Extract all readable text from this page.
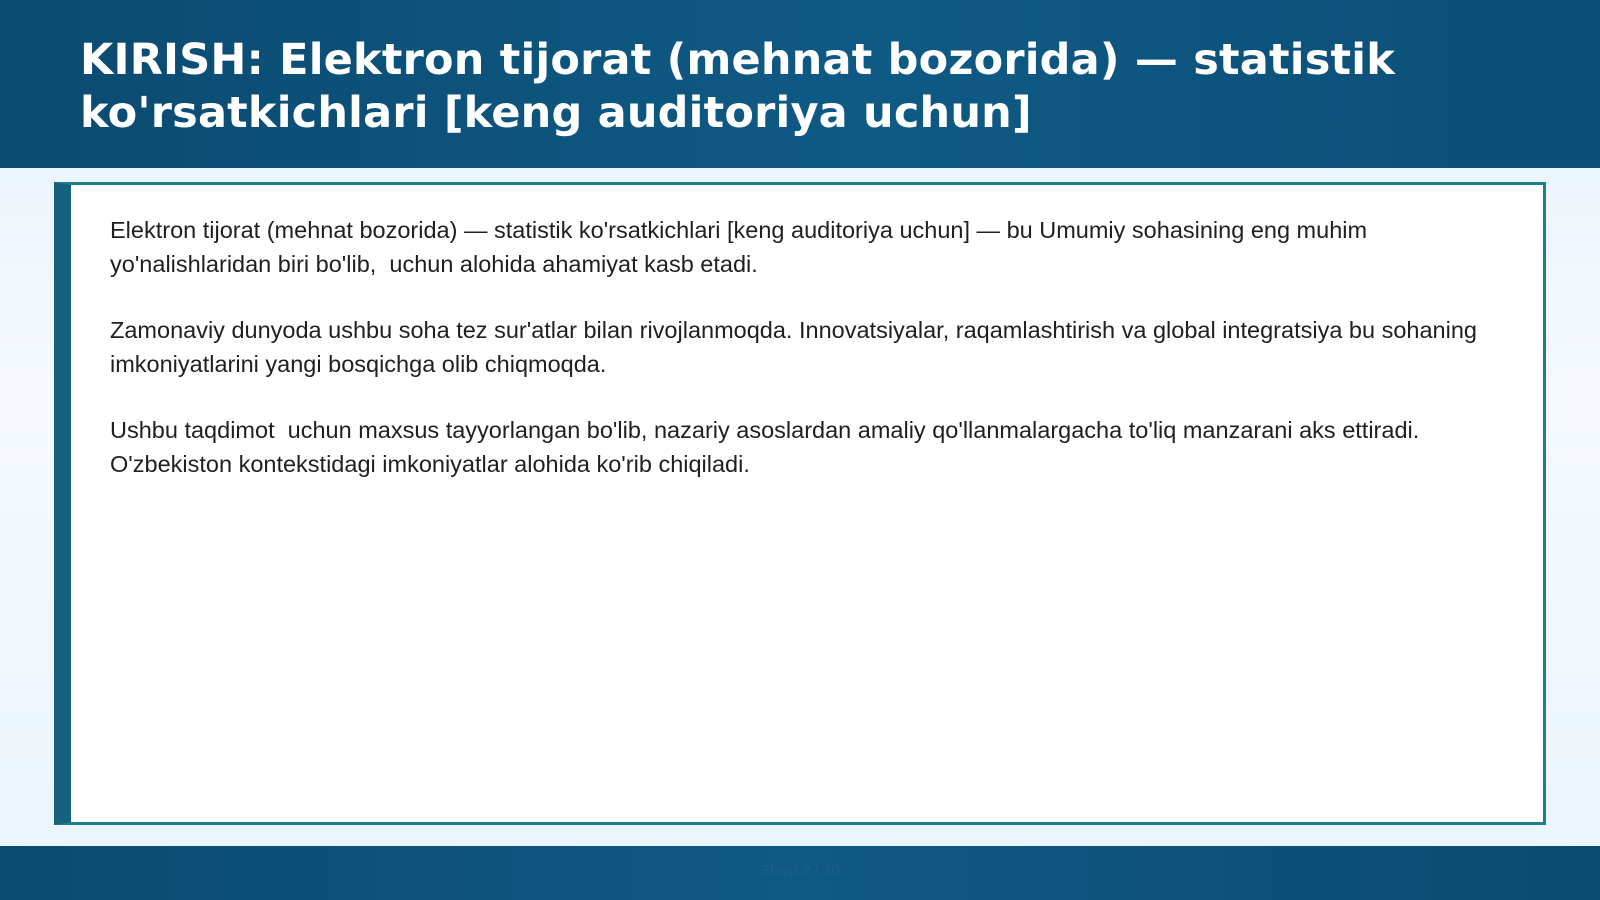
KIRISH: Elektron tijorat (mehnat bozorida) — statistik ko'rsatkichlari [keng auditoriya uchun]

Elektron tijorat (mehnat bozorida) — statistik ko'rsatkichlari [keng auditoriya uchun] — bu Umumiy sohasining eng muhim yo'nalishlaridan biri bo'lib,  uchun alohida ahamiyat kasb etadi.

Zamonaviy dunyoda ushbu soha tez sur'atlar bilan rivojlanmoqda. Innovatsiyalar, raqamlashtirish va global integratsiya bu sohaning imkoniyatlarini yangi bosqichga olib chiqmoqda.

Ushbu taqdimot  uchun maxsus tayyorlangan bo'lib, nazariy asoslardan amaliy qo'llanmalargacha to'liq manzarani aks ettiradi. O'zbekiston kontekstidagi imkoniyatlar alohida ko'rib chiqiladi.

Slayd 2 / 30
